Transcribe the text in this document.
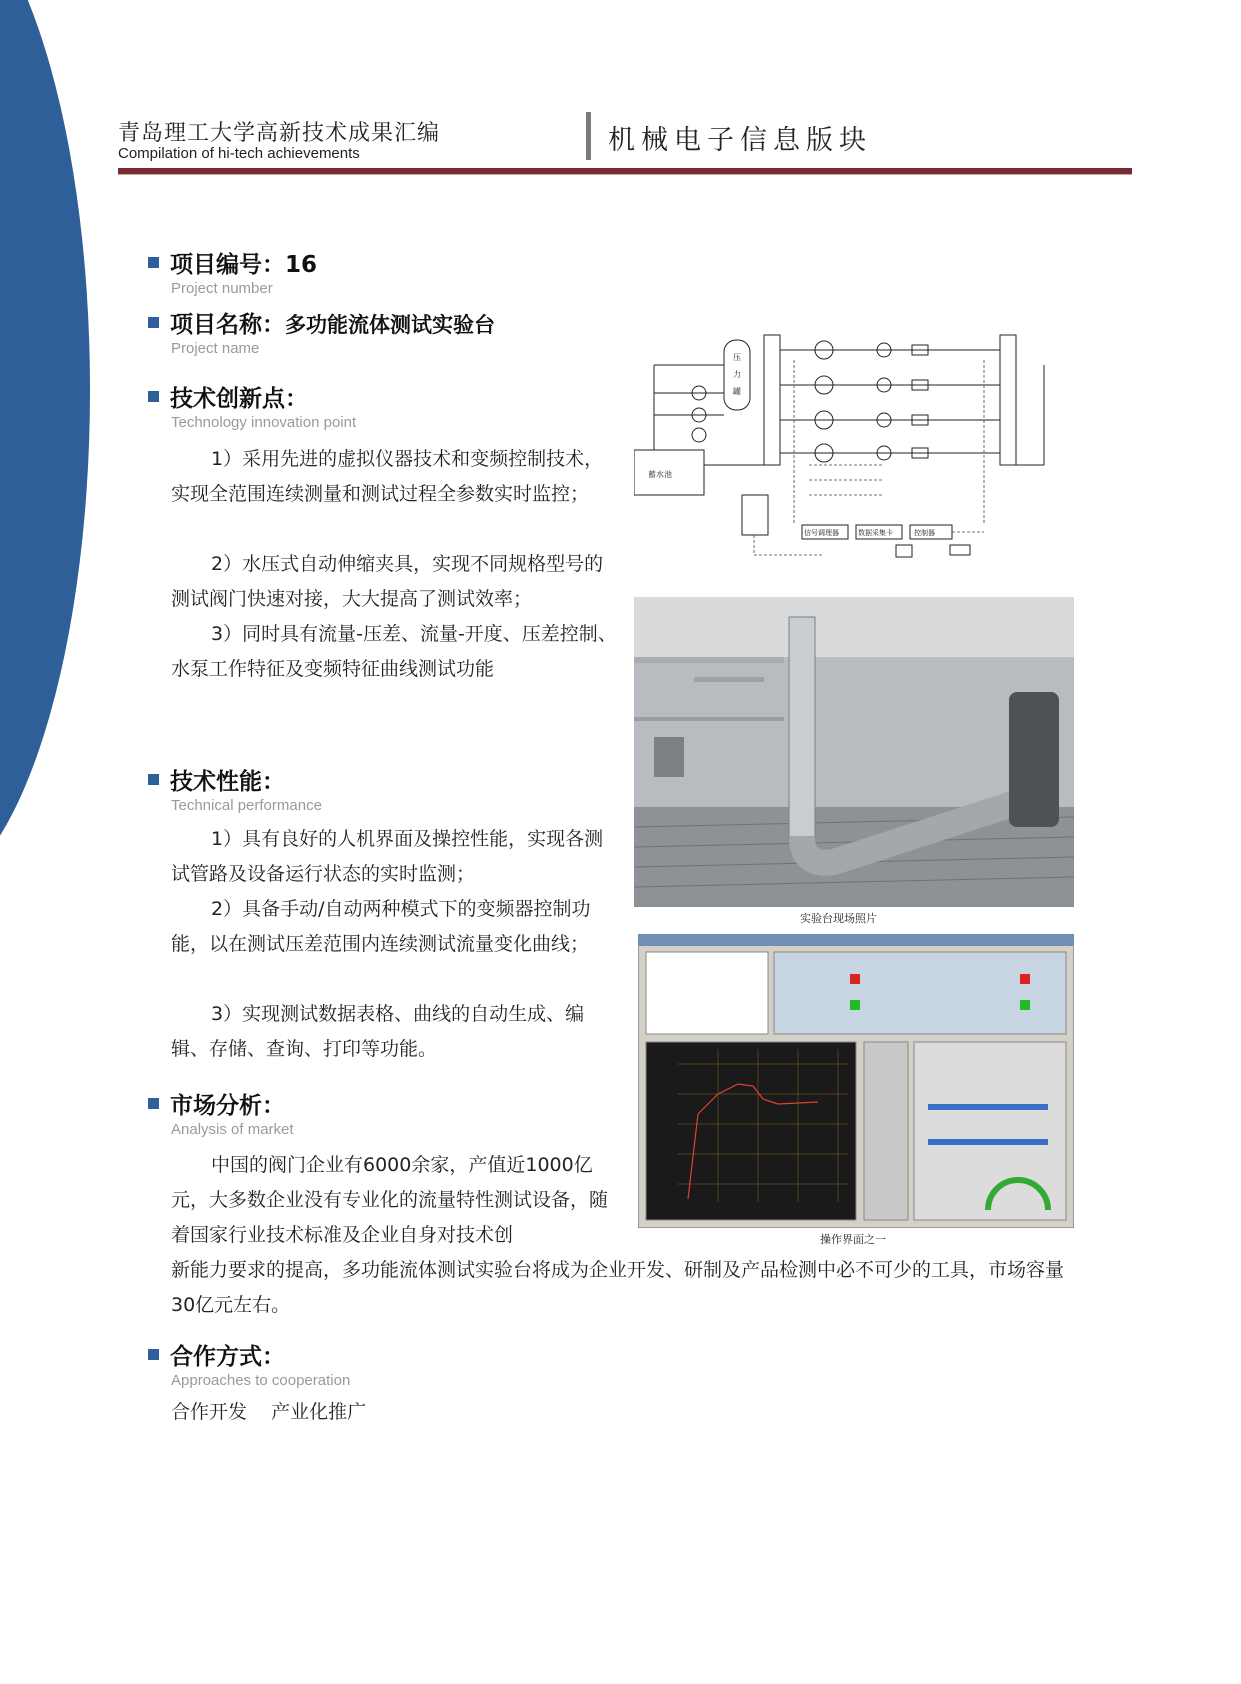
青岛理工大学高新技术成果汇编
Compilation of hi-tech achievements	机械电子信息版块
项目编号：16
Project number
项目名称：多功能流体测试实验台
Project name
技术创新点：
Technology innovation point
1）采用先进的虚拟仪器技术和变频控制技术，实现全范围连续测量和测试过程全参数实时监控；
2）水压式自动伸缩夹具，实现不同规格型号的测试阀门快速对接，大大提高了测试效率；
3）同时具有流量-压差、流量-开度、压差控制、水泵工作特征及变频特征曲线测试功能
技术性能：
Technical performance
1）具有良好的人机界面及操控性能，实现各测试管路及设备运行状态的实时监测；
2）具备手动/自动两种模式下的变频器控制功能，以在测试压差范围内连续测试流量变化曲线；
3）实现测试数据表格、曲线的自动生成、编辑、存储、查询、打印等功能。
市场分析：
Analysis of market
中国的阀门企业有6000余家，产值近1000亿元，大多数企业没有专业化的流量特性测试设备，随着国家行业技术标准及企业自身对技术创
新能力要求的提高，多功能流体测试实验台将成为企业开发、研制及产品检测中必不可少的工具，市场容量30亿元左右。
合作方式：
Approaches to cooperation
合作开发    产业化推广
压
力
罐
蓄水池
信号调理器	数据采集卡	控制器
实验台现场照片
操作界面之一
